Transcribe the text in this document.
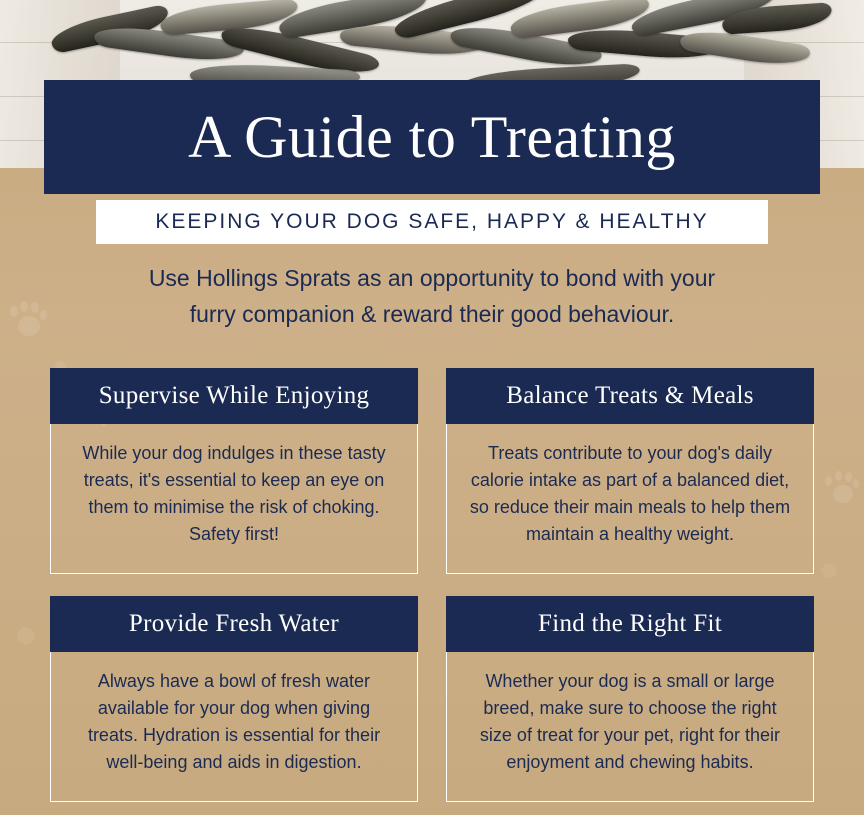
A Guide to Treating
KEEPING YOUR DOG SAFE, HAPPY & HEALTHY
Use Hollings Sprats as an opportunity to bond with your
furry companion & reward their good behaviour.
Supervise While Enjoying
While your dog indulges in these tasty treats, it's essential to keep an eye on them to minimise the risk of choking. Safety first!
Balance Treats & Meals
Treats contribute to your dog's daily calorie intake as part of a balanced diet, so reduce their main meals to help them maintain a healthy weight.
Provide Fresh Water
Always have a bowl of fresh water available for your dog when giving treats. Hydration is essential for their well-being and aids in digestion.
Find the Right Fit
Whether your dog is a small or large breed, make sure to choose the right size of treat for your pet, right for their enjoyment and chewing habits.
